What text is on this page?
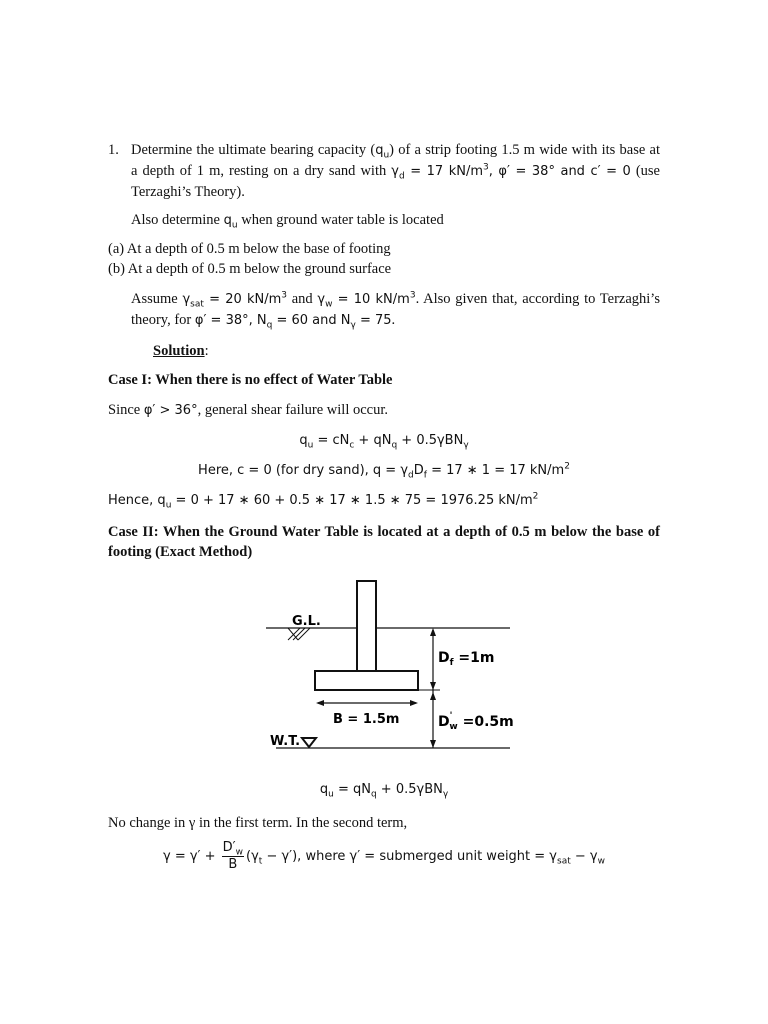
1. Determine the ultimate bearing capacity $(q_u)$ of a strip footing 1.5 m wide with its base at a depth of 1 m, resting on a dry sand with $\gamma_d = 17$ $kN/m^3$, φ′ = 38° and c′ = 0 (use Terzaghi’s Theory).
Also determine $q_u$ when ground water table is located
(a) At a depth of 0.5 m below the base of footing
(b) At a depth of 0.5 m below the ground surface
Assume $\gamma_{sat} = 20$ $kN/m^3$ and $\gamma_w = 10$ $kN/m^3$. Also given that, according to Terzaghi’s theory, for φ′ = 38°, $N_q = 60$ and $N_\gamma = 75$.
Solution:
Case I: When there is no effect of Water Table
Since φ′ > 36°, general shear failure will occur.
$q_u = cN_c + qN_q + 0.5\gamma BN_\gamma$
Here, c = 0 (for dry sand), $q = \gamma_dD_f = 17$ ∗ 1 = 17 $kN/m^2$
Hence, $q_u = 0 + 17$ ∗ 60 + 0.5 ∗ 17 ∗ 1.5 ∗ 75 = 1976.25 $kN/m^2$
Case II: When the Ground Water Table is located at a depth of 0.5 m below the base of footing (Exact Method)
G.L.
$D_f =1m$
B = 1.5m	D' w =0.5m
W.T.
$q_u = qN_q + 0.5\gamma BN_\gamma$
No change in γ in the first term. In the second term,
$\gamma = \gamma' + \frac{D'_w}{B} (\gamma_t - \gamma')$, where γ′ = submerged unit weight = $\gamma_{sat} - \gamma_w$
